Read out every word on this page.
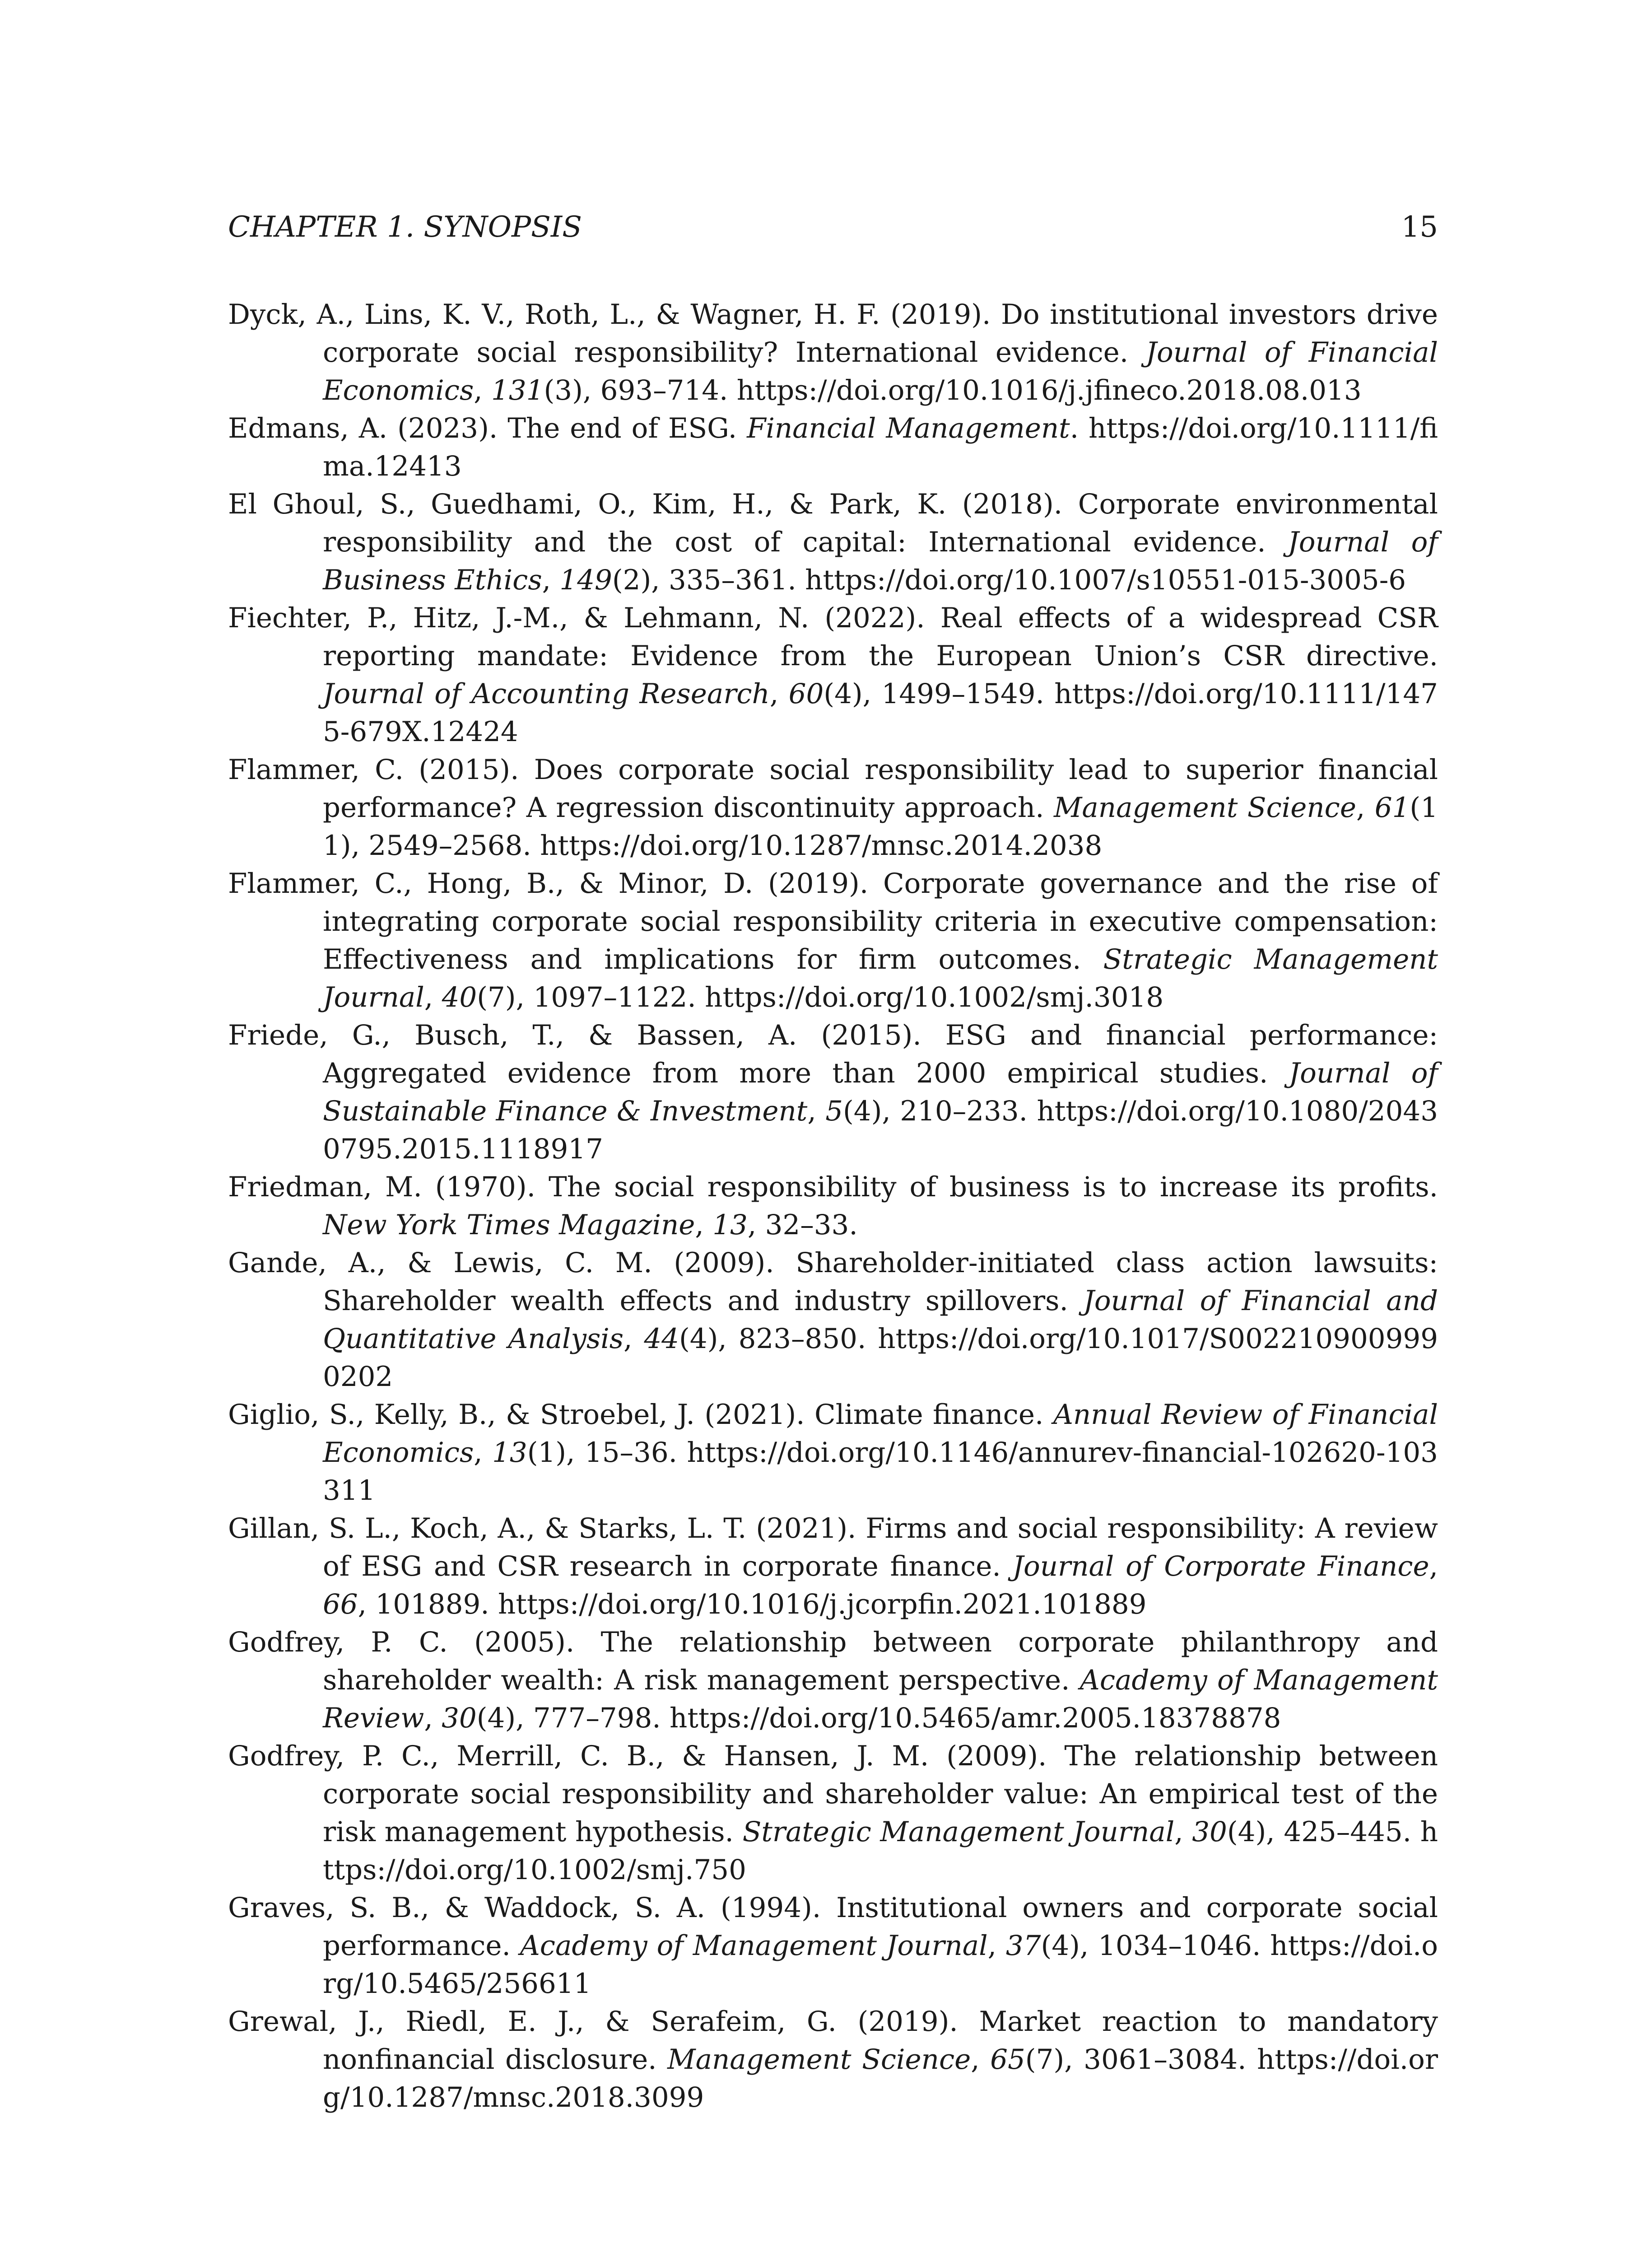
CHAPTER 1. SYNOPSIS	15
Dyck, A., Lins, K. V., Roth, L., & Wagner, H. F. (2019). Do institutional investors drive corporate social responsibility? International evidence. Journal of Financial Economics, 131(3), 693–714. https://doi.org/10.1016/j.jfineco.2018.08.013
Edmans, A. (2023). The end of ESG. Financial Management. https://doi.org/10.1111/fima.12413
El Ghoul, S., Guedhami, O., Kim, H., & Park, K. (2018). Corporate environmental responsibility and the cost of capital: International evidence. Journal of Business Ethics, 149(2), 335–361. https://doi.org/10.1007/s10551-015-3005-6
Fiechter, P., Hitz, J.-M., & Lehmann, N. (2022). Real effects of a widespread CSR reporting mandate: Evidence from the European Union’s CSR directive. Journal of Accounting Research, 60(4), 1499–1549. https://doi.org/10.1111/1475-679X.12424
Flammer, C. (2015). Does corporate social responsibility lead to superior financial performance? A regression discontinuity approach. Management Science, 61(11), 2549–2568. https://doi.org/10.1287/mnsc.2014.2038
Flammer, C., Hong, B., & Minor, D. (2019). Corporate governance and the rise of integrating corporate social responsibility criteria in executive compensation: Effectiveness and implications for firm outcomes. Strategic Management Journal, 40(7), 1097–1122. https://doi.org/10.1002/smj.3018
Friede, G., Busch, T., & Bassen, A. (2015). ESG and financial performance: Aggregated evidence from more than 2000 empirical studies. Journal of Sustainable Finance & Investment, 5(4), 210–233. https://doi.org/10.1080/20430795.2015.1118917
Friedman, M. (1970). The social responsibility of business is to increase its profits. New York Times Magazine, 13, 32–33.
Gande, A., & Lewis, C. M. (2009). Shareholder-initiated class action lawsuits: Shareholder wealth effects and industry spillovers. Journal of Financial and Quantitative Analysis, 44(4), 823–850. https://doi.org/10.1017/S0022109009990202
Giglio, S., Kelly, B., & Stroebel, J. (2021). Climate finance. Annual Review of Financial Economics, 13(1), 15–36. https://doi.org/10.1146/annurev-financial-102620-103311
Gillan, S. L., Koch, A., & Starks, L. T. (2021). Firms and social responsibility: A review of ESG and CSR research in corporate finance. Journal of Corporate Finance, 66, 101889. https://doi.org/10.1016/j.jcorpfin.2021.101889
Godfrey, P. C. (2005). The relationship between corporate philanthropy and shareholder wealth: A risk management perspective. Academy of Management Review, 30(4), 777–798. https://doi.org/10.5465/amr.2005.18378878
Godfrey, P. C., Merrill, C. B., & Hansen, J. M. (2009). The relationship between corporate social responsibility and shareholder value: An empirical test of the risk management hypothesis. Strategic Management Journal, 30(4), 425–445. https://doi.org/10.1002/smj.750
Graves, S. B., & Waddock, S. A. (1994). Institutional owners and corporate social performance. Academy of Management Journal, 37(4), 1034–1046. https://doi.org/10.5465/256611
Grewal, J., Riedl, E. J., & Serafeim, G. (2019). Market reaction to mandatory nonfinancial disclosure. Management Science, 65(7), 3061–3084. https://doi.org/10.1287/mnsc.2018.3099
